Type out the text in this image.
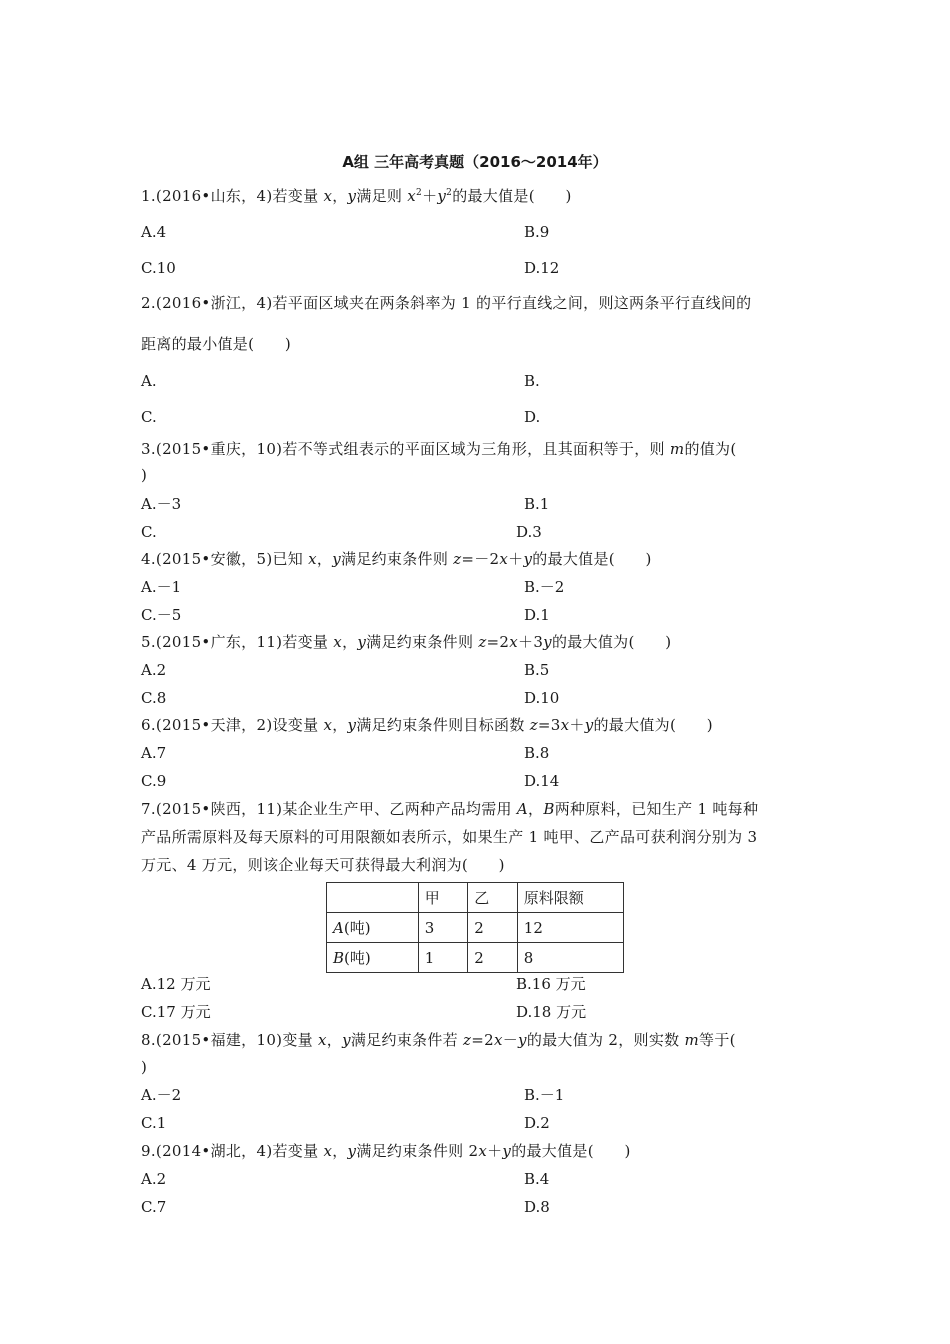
A组 三年高考真题（2016～2014年）
1.(2016•山东，4)若变量 x，y满足则 $x^2+y^2$的最大值是(　　)
A.4	B.9
C.10	D.12
2.(2016•浙江，4)若平面区域夹在两条斜率为 1 的平行直线之间，则这两条平行直线间的
距离的最小值是(　　)
A.	B.
C.	D.
3.(2015•重庆，10)若不等式组表示的平面区域为三角形，且其面积等于，则 m的值为(
)
A.－3	B.1
C.	D.3
4.(2015•安徽，5)已知 x，y满足约束条件则 z=－2x＋y的最大值是(　　)
A.－1	B.－2
C.－5	D.1
5.(2015•广东，11)若变量 x，y满足约束条件则 z=2x＋3y的最大值为(　　)
A.2	B.5
C.8	D.10
6.(2015•天津，2)设变量 x，y满足约束条件则目标函数 z=3x＋y的最大值为(　　)
A.7	B.8
C.9	D.14
7.(2015•陕西，11)某企业生产甲、乙两种产品均需用 A，B两种原料，已知生产 1 吨每种
产品所需原料及每天原料的可用限额如表所示，如果生产 1 吨甲、乙产品可获利润分别为 3
万元、4 万元，则该企业每天可获得最大利润为(　　)
	甲	乙	原料限额
A(吨)	3	2	12
B(吨)	1	2	8
A.12 万元	B.16 万元
C.17 万元	D.18 万元
8.(2015•福建，10)变量 x，y满足约束条件若 z=2x－y的最大值为 2，则实数 m等于(
)
A.－2	B.－1
C.1	D.2
9.(2014•湖北，4)若变量 x，y满足约束条件则 2x＋y的最大值是(　　)
A.2	B.4
C.7	D.8
